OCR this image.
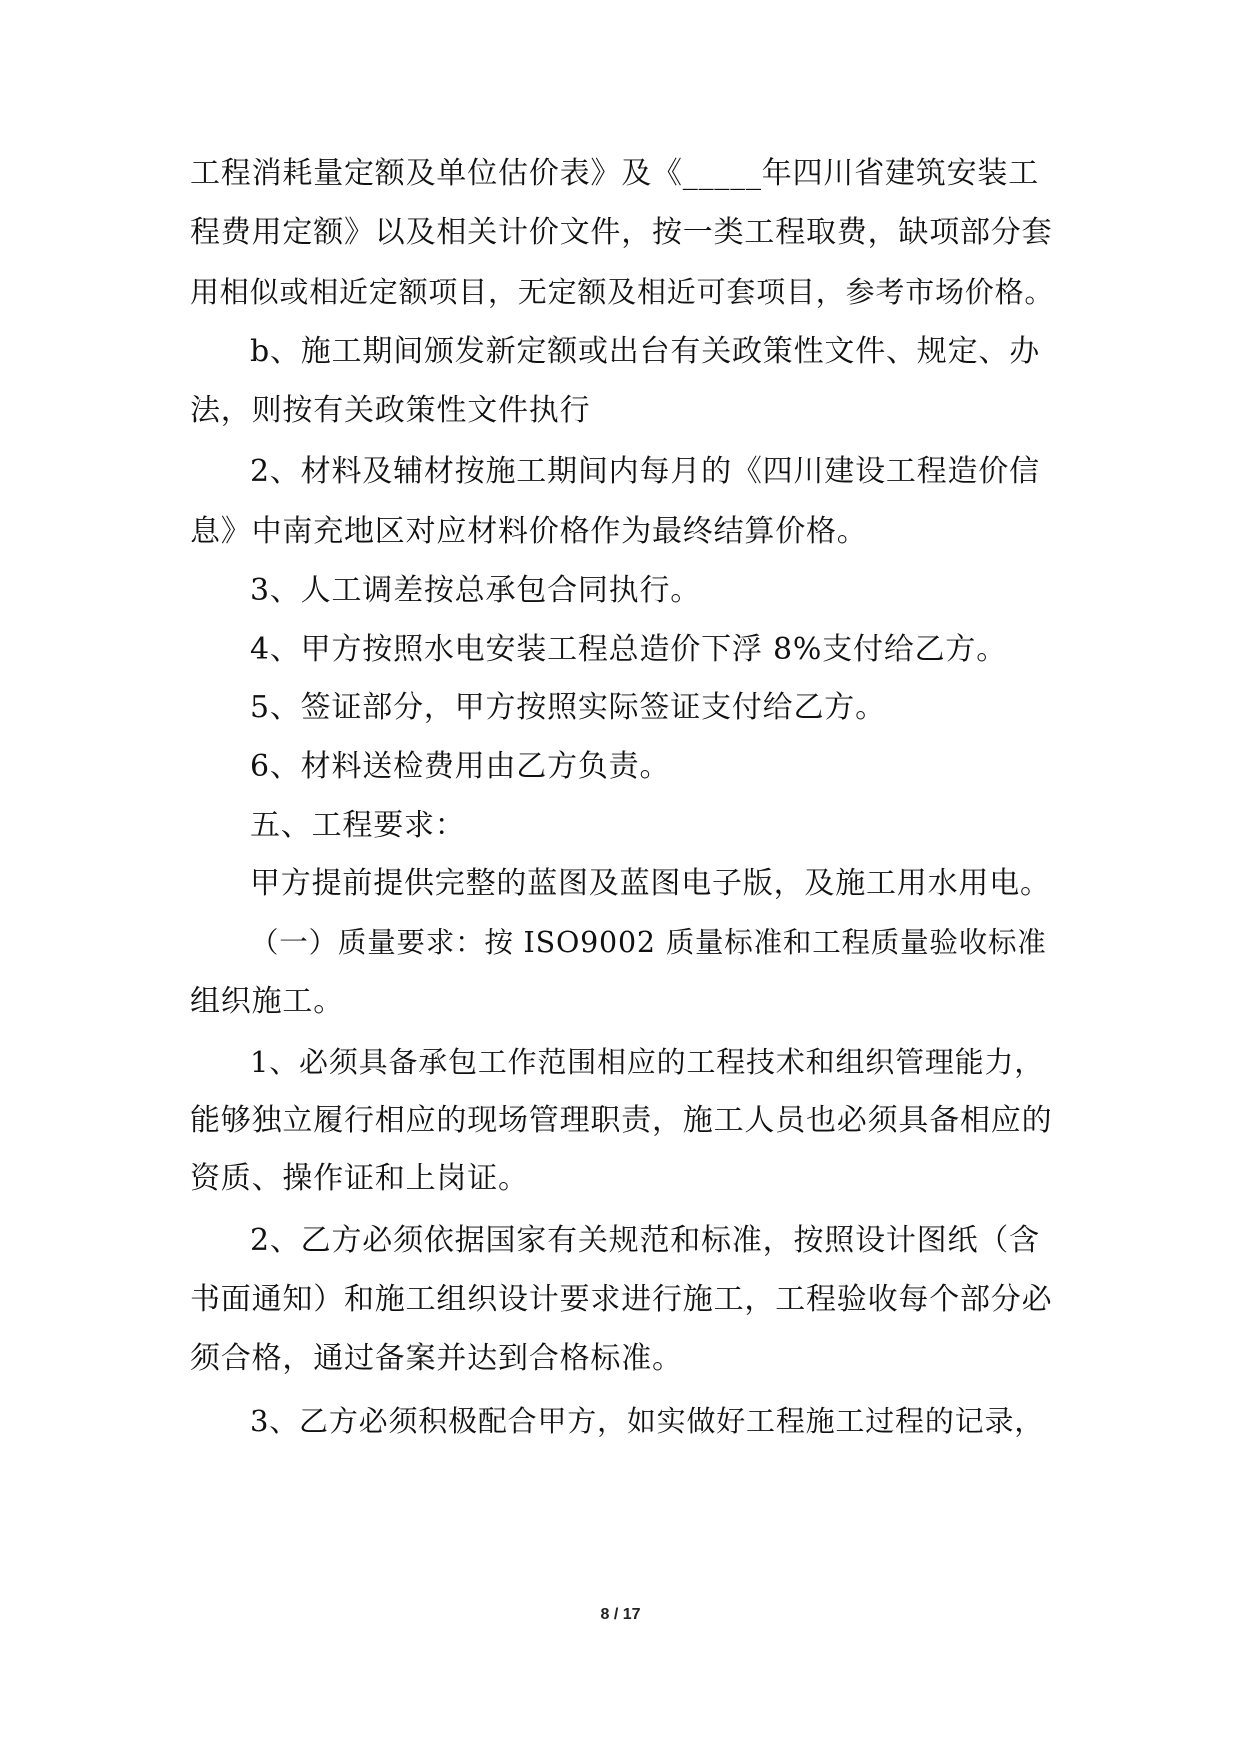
工程消耗量定额及单位估价表》及《_____年四川省建筑安装工
程费用定额》以及相关计价文件，按一类工程取费，缺项部分套
用相似或相近定额项目，无定额及相近可套项目，参考市场价格。
b、施工期间颁发新定额或出台有关政策性文件、规定、办
法，则按有关政策性文件执行
2、材料及辅材按施工期间内每月的《四川建设工程造价信
息》中南充地区对应材料价格作为最终结算价格。
3、人工调差按总承包合同执行。
4、甲方按照水电安装工程总造价下浮 8%支付给乙方。
5、签证部分，甲方按照实际签证支付给乙方。
6、材料送检费用由乙方负责。
五、工程要求：
甲方提前提供完整的蓝图及蓝图电子版，及施工用水用电。
（一）质量要求：按 ISO9002 质量标准和工程质量验收标准
组织施工。
1、必须具备承包工作范围相应的工程技术和组织管理能力，
能够独立履行相应的现场管理职责，施工人员也必须具备相应的
资质、操作证和上岗证。
2、乙方必须依据国家有关规范和标准，按照设计图纸（含
书面通知）和施工组织设计要求进行施工，工程验收每个部分必
须合格，通过备案并达到合格标准。
3、乙方必须积极配合甲方，如实做好工程施工过程的记录，
8 / 17
